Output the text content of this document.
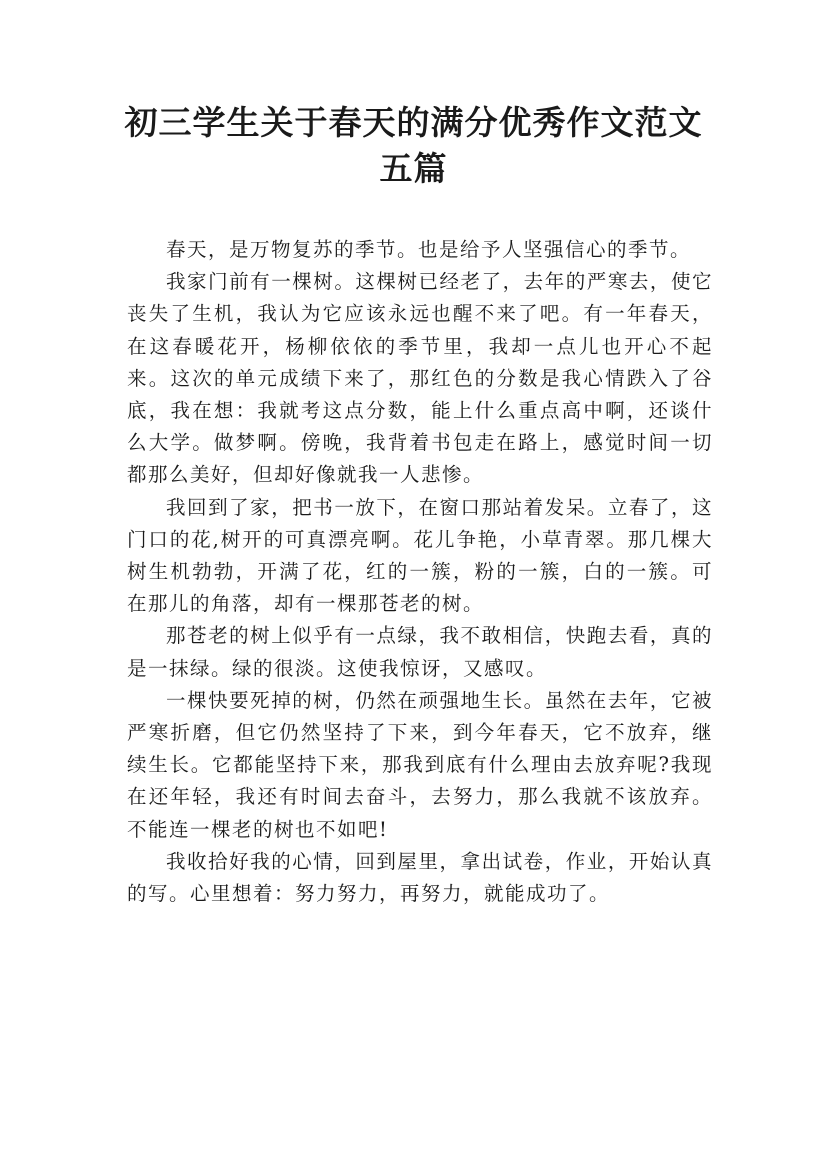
初三学生关于春天的满分优秀作文范文五篇

春天，是万物复苏的季节。也是给予人坚强信心的季节。

我家门前有一棵树。这棵树已经老了，去年的严寒去，使它丧失了生机，我认为它应该永远也醒不来了吧。有一年春天，在这春暖花开，杨柳依依的季节里，我却一点儿也开心不起来。这次的单元成绩下来了，那红色的分数是我心情跌入了谷底，我在想：我就考这点分数，能上什么重点高中啊，还谈什么大学。做梦啊。傍晚，我背着书包走在路上，感觉时间一切都那么美好，但却好像就我一人悲惨。

我回到了家，把书一放下，在窗口那站着发呆。立春了，这门口的花,树开的可真漂亮啊。花儿争艳，小草青翠。那几棵大树生机勃勃，开满了花，红的一簇，粉的一簇，白的一簇。可在那儿的角落，却有一棵那苍老的树。

那苍老的树上似乎有一点绿，我不敢相信，快跑去看，真的是一抹绿。绿的很淡。这使我惊讶，又感叹。

一棵快要死掉的树，仍然在顽强地生长。虽然在去年，它被严寒折磨，但它仍然坚持了下来，到今年春天，它不放弃，继续生长。它都能坚持下来，那我到底有什么理由去放弃呢?我现在还年轻，我还有时间去奋斗，去努力，那么我就不该放弃。不能连一棵老的树也不如吧!

我收拾好我的心情，回到屋里，拿出试卷，作业，开始认真的写。心里想着：努力努力，再努力，就能成功了。
